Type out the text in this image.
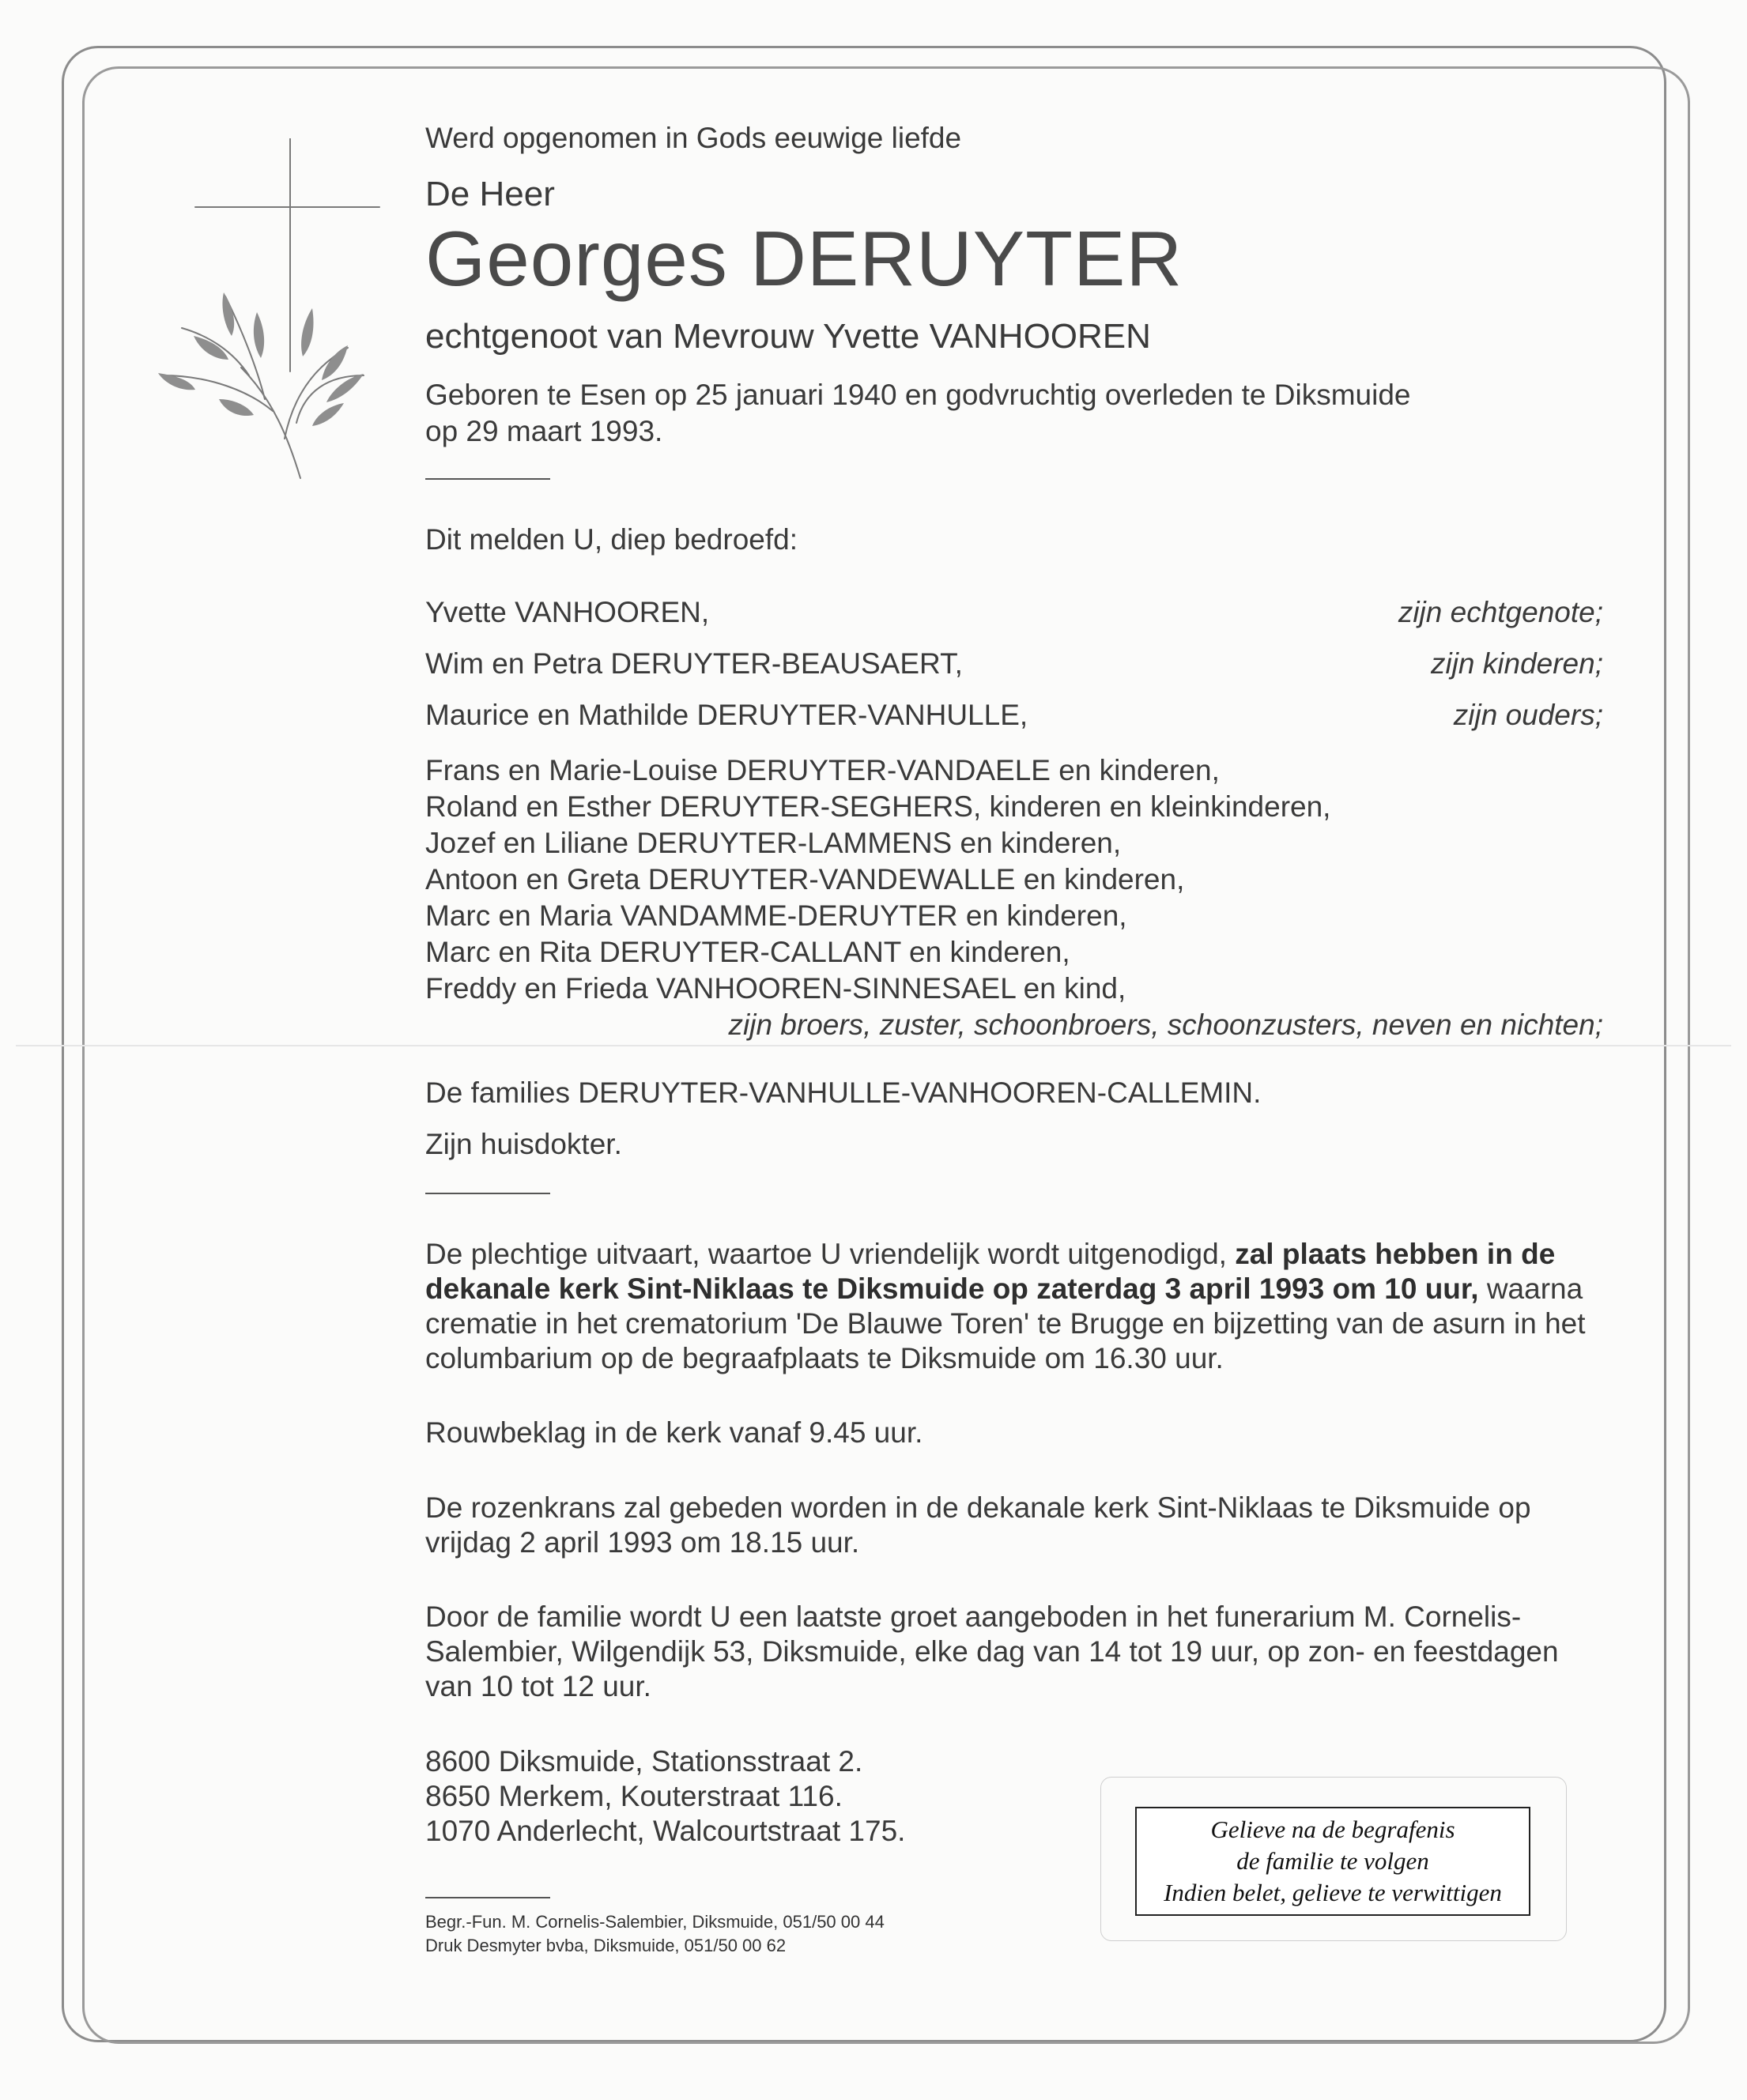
Werd opgenomen in Gods eeuwige liefde
De Heer
Georges DERUYTER
echtgenoot van Mevrouw Yvette VANHOOREN
Geboren te Esen op 25 januari 1940 en godvruchtig overleden te Diksmuide
op 29 maart 1993.
Dit melden U, diep bedroefd:
Yvette VANHOOREN,	zijn echtgenote;
Wim en Petra DERUYTER-BEAUSAERT,	zijn kinderen;
Maurice en Mathilde DERUYTER-VANHULLE,	zijn ouders;
Frans en Marie-Louise DERUYTER-VANDAELE en kinderen,
Roland en Esther DERUYTER-SEGHERS, kinderen en kleinkinderen,
Jozef en Liliane DERUYTER-LAMMENS en kinderen,
Antoon en Greta DERUYTER-VANDEWALLE en kinderen,
Marc en Maria VANDAMME-DERUYTER en kinderen,
Marc en Rita DERUYTER-CALLANT en kinderen,
Freddy en Frieda VANHOOREN-SINNESAEL en kind,
zijn broers, zuster, schoonbroers, schoonzusters, neven en nichten;
De families DERUYTER-VANHULLE-VANHOOREN-CALLEMIN.
Zijn huisdokter.
De plechtige uitvaart, waartoe U vriendelijk wordt uitgenodigd, zal plaats hebben in de dekanale kerk Sint-Niklaas te Diksmuide op zaterdag 3 april 1993 om 10 uur, waarna crematie in het crematorium 'De Blauwe Toren' te Brugge en bijzetting van de asurn in het columbarium op de begraafplaats te Diksmuide om 16.30 uur.
Rouwbeklag in de kerk vanaf 9.45 uur.
De rozenkrans zal gebeden worden in de dekanale kerk Sint-Niklaas te Diksmuide op vrijdag 2 april 1993 om 18.15 uur.
Door de familie wordt U een laatste groet aangeboden in het funerarium M. Cornelis-Salembier, Wilgendijk 53, Diksmuide, elke dag van 14 tot 19 uur, op zon- en feestdagen van 10 tot 12 uur.
8600 Diksmuide, Stationsstraat 2.
8650 Merkem, Kouterstraat 116.
1070 Anderlecht, Walcourtstraat 175.
Begr.-Fun. M. Cornelis-Salembier, Diksmuide, 051/50 00 44
Druk Desmyter bvba, Diksmuide, 051/50 00 62
Gelieve na de begrafenis
de familie te volgen
Indien belet, gelieve te verwittigen
